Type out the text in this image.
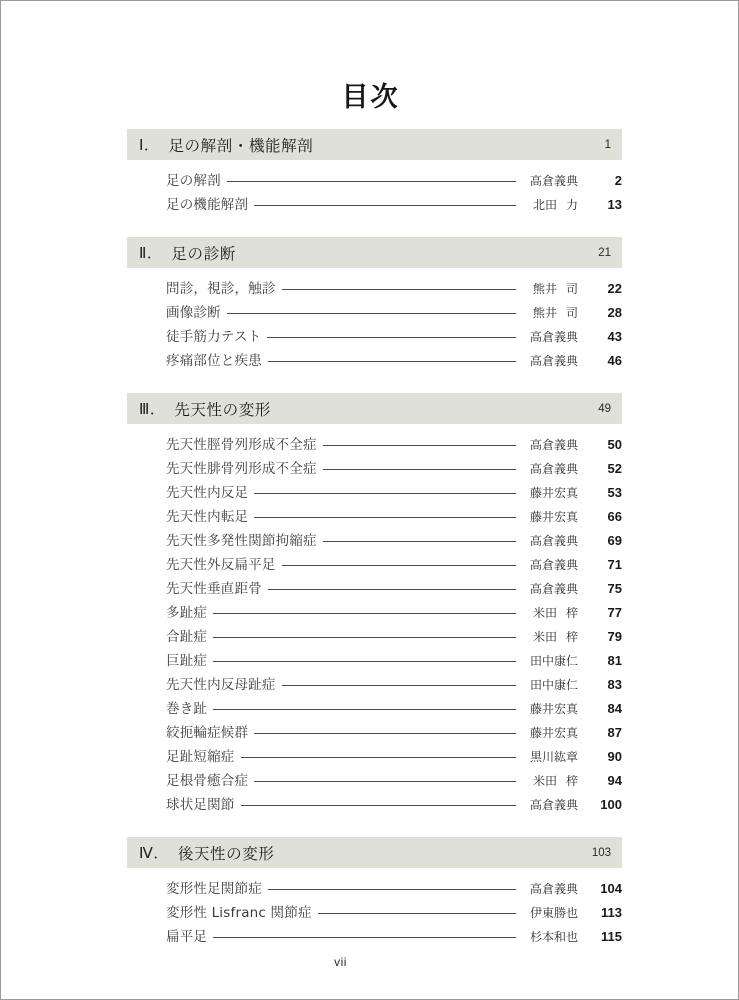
目次
Ⅰ． 足の解剖・機能解剖	1
足の解剖	高倉義典	2
足の機能解剖	北田 力	13
Ⅱ． 足の診断	21
問診，視診，触診	熊井 司	22
画像診断	熊井 司	28
徒手筋力テスト	高倉義典	43
疼痛部位と疾患	高倉義典	46
Ⅲ． 先天性の変形	49
先天性脛骨列形成不全症	高倉義典	50
先天性腓骨列形成不全症	高倉義典	52
先天性内反足	藤井宏真	53
先天性内転足	藤井宏真	66
先天性多発性関節拘縮症	高倉義典	69
先天性外反扁平足	高倉義典	71
先天性垂直距骨	高倉義典	75
多趾症	米田 梓	77
合趾症	米田 梓	79
巨趾症	田中康仁	81
先天性内反母趾症	田中康仁	83
巻き趾	藤井宏真	84
絞扼輪症候群	藤井宏真	87
足趾短縮症	黒川紘章	90
足根骨癒合症	米田 梓	94
球状足関節	高倉義典	100
Ⅳ． 後天性の変形	103
変形性足関節症	高倉義典	104
変形性 Lisfranc 関節症	伊東勝也	113
扁平足	杉本和也	115
vii
